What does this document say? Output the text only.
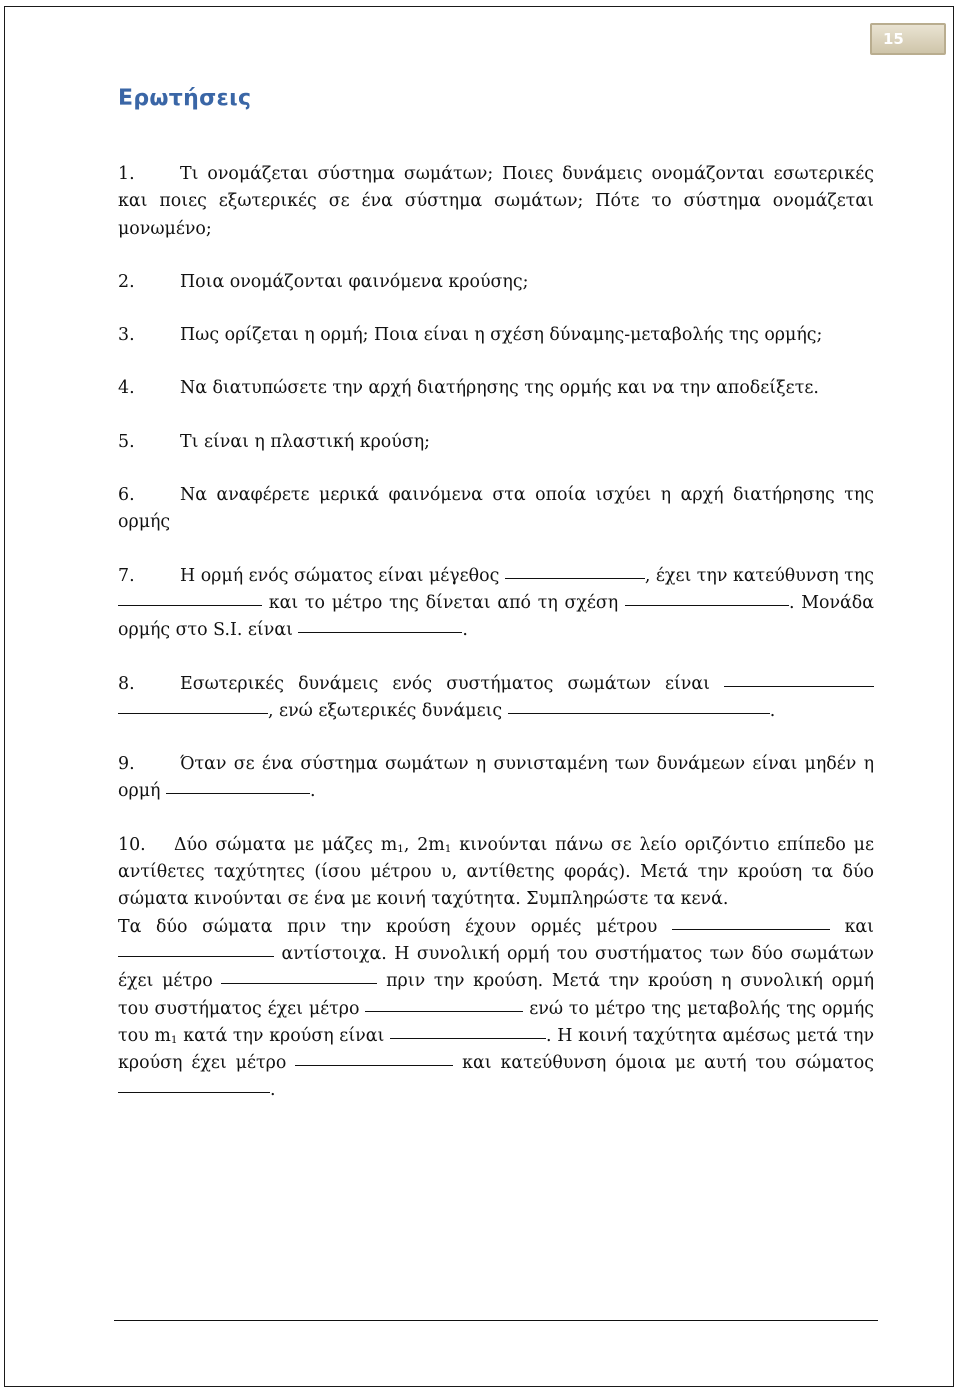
15
Ερωτήσεις

1.	Τι ονομάζεται σύστημα σωμάτων; Ποιες δυνάμεις ονομάζονται εσωτερικές και ποιες εξωτερικές σε ένα σύστημα σωμάτων; Πότε το σύστημα ονομάζεται μονωμένο;

2.	Ποια ονομάζονται φαινόμενα κρούσης;

3.	Πως ορίζεται η ορμή; Ποια είναι η σχέση δύναμης-μεταβολής της ορμής;

4.	Να διατυπώσετε την αρχή διατήρησης της ορμής και να την αποδείξετε.

5.	Τι είναι η πλαστική κρούση;

6.	Να αναφέρετε μερικά φαινόμενα στα οποία ισχύει η αρχή διατήρησης της ορμής

7.	Η ορμή ενός σώματος είναι μέγεθος	, έχει την κατεύθυνση της  και το μέτρο της δίνεται από τη σχέση	. Μονάδα ορμής στο S.I. είναι	.

8.	Εσωτερικές δυνάμεις ενός συστήματος σωμάτων είναι  , ενώ εξωτερικές δυνάμεις	.

9.	Όταν σε ένα σύστημα σωμάτων η συνισταμένη των δυνάμεων είναι μηδέν η ορμή	.

10. Δύο σώματα με μάζες $m_1$, $2m_1$ κινούνται πάνω σε λείο οριζόντιο επίπεδο με αντίθετες ταχύτητες (ίσου μέτρου υ, αντίθετης φοράς). Μετά την κρούση τα δύο σώματα κινούνται σε ένα με κοινή ταχύτητα. Συμπληρώστε τα κενά.

Τα δύο σώματα πριν την κρούση έχουν ορμές μέτρου	και  αντίστοιχα. Η συνολική ορμή του συστήματος των δύο σωμάτων έχει μέτρο	πριν την κρούση. Μετά την κρούση η συνολική ορμή του συστήματος έχει μέτρο	ενώ το μέτρο της μεταβολής της ορμής του $m_1$ κατά την κρούση είναι	. Η κοινή ταχύτητα αμέσως μετά την κρούση έχει μέτρο	και κατεύθυνση όμοια με αυτή του σώματος .
